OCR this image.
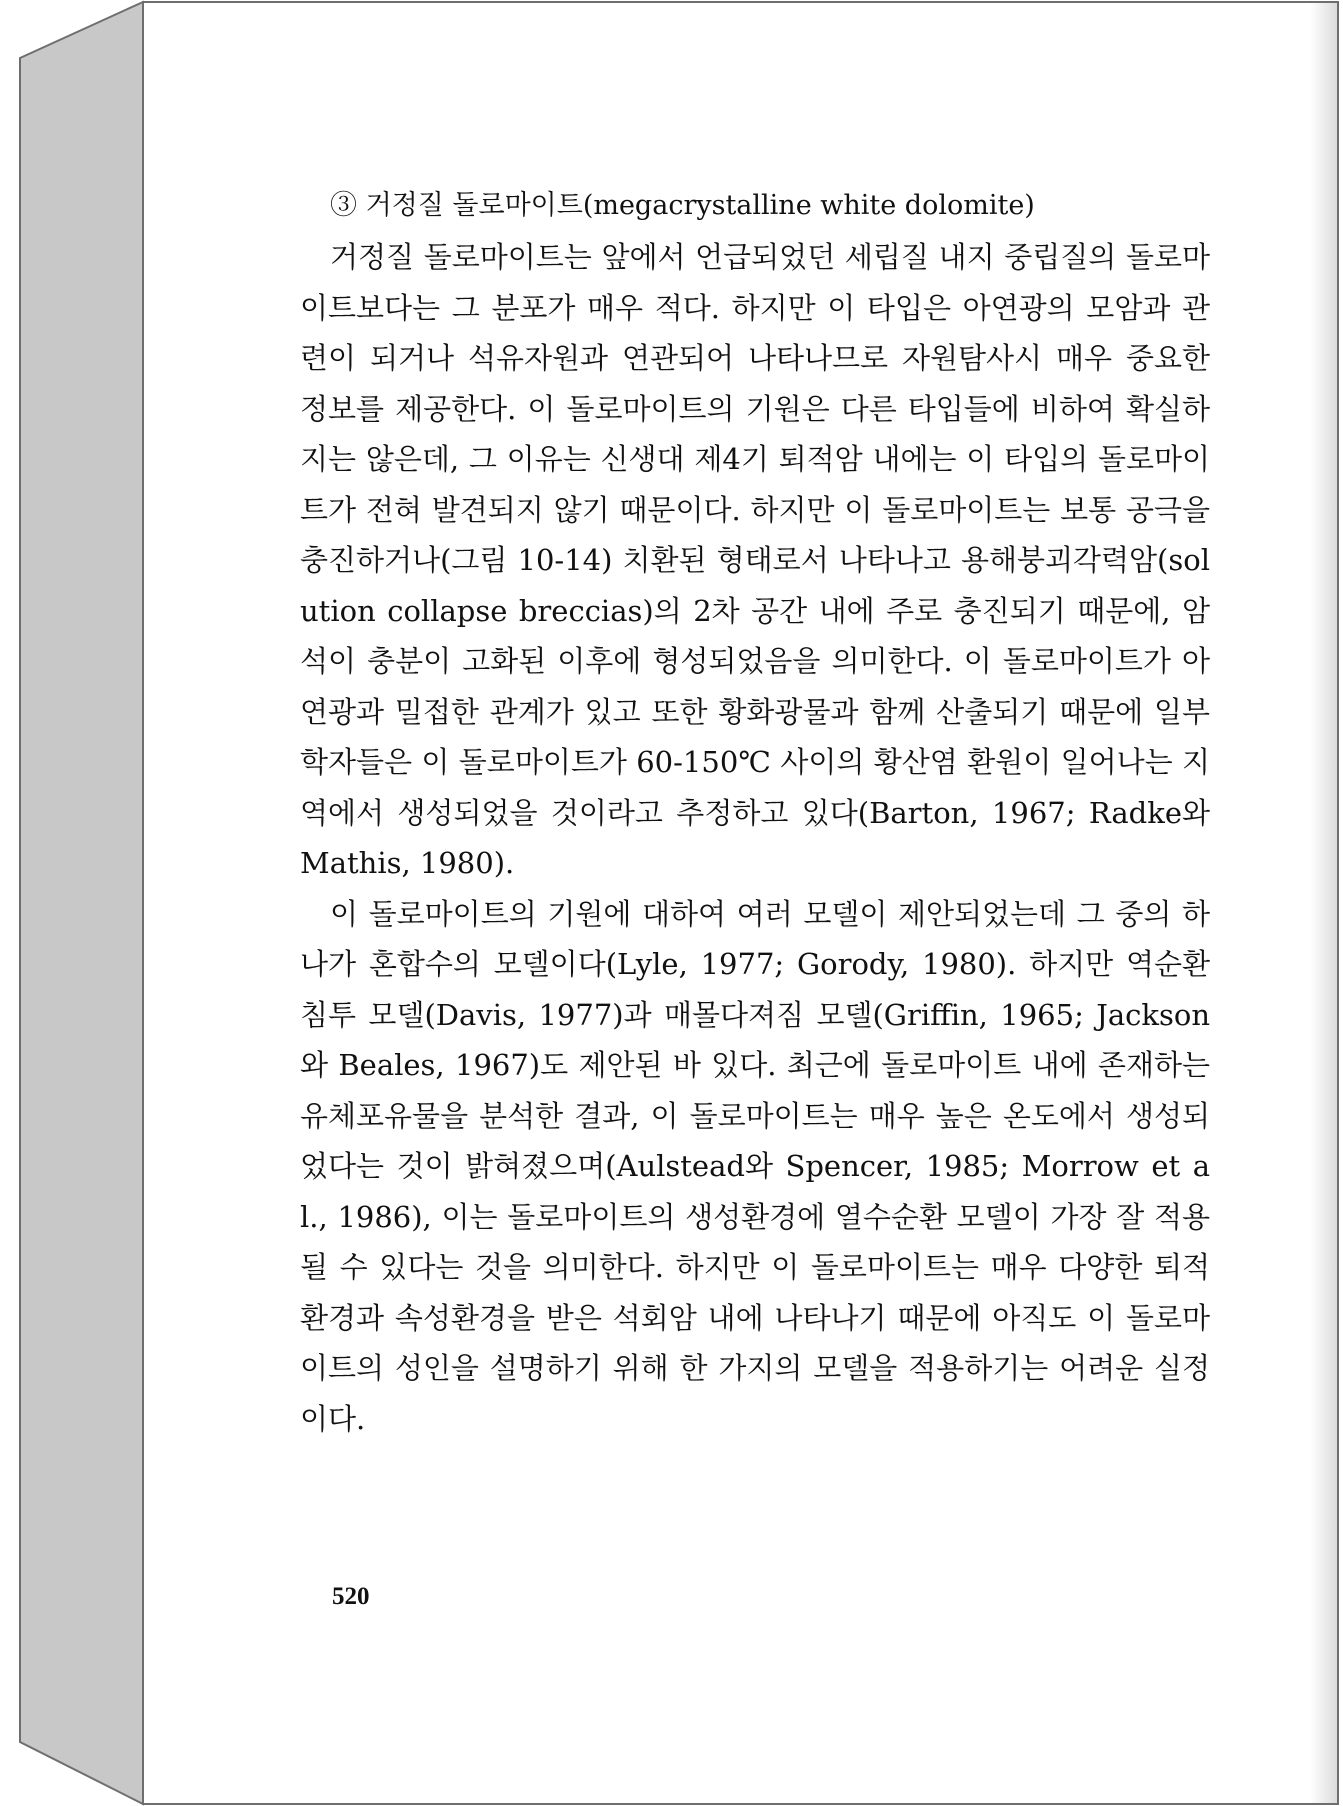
③ 거정질 돌로마이트(megacrystalline white dolomite)

거정질 돌로마이트는 앞에서 언급되었던 세립질 내지 중립질의 돌로마이트보다는 그 분포가 매우 적다. 하지만 이 타입은 아연광의 모암과 관련이 되거나 석유자원과 연관되어 나타나므로 자원탐사시 매우 중요한 정보를 제공한다. 이 돌로마이트의 기원은 다른 타입들에 비하여 확실하지는 않은데, 그 이유는 신생대 제4기 퇴적암 내에는 이 타입의 돌로마이트가 전혀 발견되지 않기 때문이다. 하지만 이 돌로마이트는 보통 공극을 충진하거나(그림 10-14) 치환된 형태로서 나타나고 용해붕괴각력암(solution collapse breccias)의 2차 공간 내에 주로 충진되기 때문에, 암석이 충분이 고화된 이후에 형성되었음을 의미한다. 이 돌로마이트가 아연광과 밀접한 관계가 있고 또한 황화광물과 함께 산출되기 때문에 일부 학자들은 이 돌로마이트가 60-150℃ 사이의 황산염 환원이 일어나는 지역에서 생성되었을 것이라고 추정하고 있다(Barton, 1967; Radke와 Mathis, 1980).

이 돌로마이트의 기원에 대하여 여러 모델이 제안되었는데 그 중의 하나가 혼합수의 모델이다(Lyle, 1977; Gorody, 1980). 하지만 역순환침투 모델(Davis, 1977)과 매몰다져짐 모델(Griffin, 1965; Jackson와 Beales, 1967)도 제안된 바 있다. 최근에 돌로마이트 내에 존재하는 유체포유물을 분석한 결과, 이 돌로마이트는 매우 높은 온도에서 생성되었다는 것이 밝혀졌으며(Aulstead와 Spencer, 1985; Morrow et al., 1986), 이는 돌로마이트의 생성환경에 열수순환 모델이 가장 잘 적용될 수 있다는 것을 의미한다. 하지만 이 돌로마이트는 매우 다양한 퇴적환경과 속성환경을 받은 석회암 내에 나타나기 때문에 아직도 이 돌로마이트의 성인을 설명하기 위해 한 가지의 모델을 적용하기는 어려운 실정이다.

520
